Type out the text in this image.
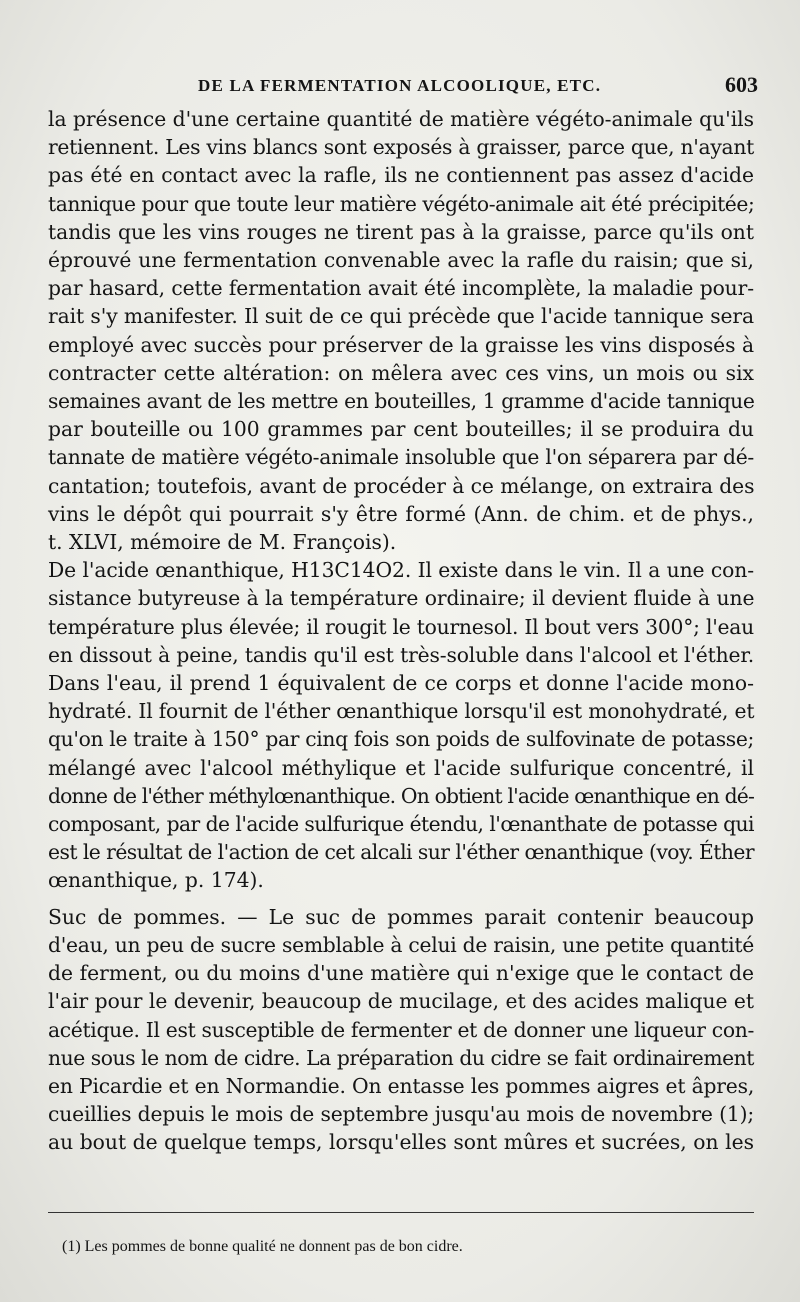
DE LA FERMENTATION ALCOOLIQUE, ETC.	603
la présence d'une certaine quantité de matière végéto-animale qu'ils
retiennent. Les vins blancs sont exposés à graisser, parce que, n'ayant
pas été en contact avec la rafle, ils ne contiennent pas assez d'acide
tannique pour que toute leur matière végéto-animale ait été précipitée;
tandis que les vins rouges ne tirent pas à la graisse, parce qu'ils ont
éprouvé une fermentation convenable avec la rafle du raisin; que si,
par hasard, cette fermentation avait été incomplète, la maladie pour-
rait s'y manifester. Il suit de ce qui précède que l'acide tannique sera
employé avec succès pour préserver de la graisse les vins disposés à
contracter cette altération: on mêlera avec ces vins, un mois ou six
semaines avant de les mettre en bouteilles, 1 gramme d'acide tannique
par bouteille ou 100 grammes par cent bouteilles; il se produira du
tannate de matière végéto-animale insoluble que l'on séparera par dé-
cantation; toutefois, avant de procéder à ce mélange, on extraira des
vins le dépôt qui pourrait s'y être formé (Ann. de chim. et de phys.,
t. XLVI, mémoire de M. François).
De l'acide œnanthique, H13C14O2. Il existe dans le vin. Il a une con-
sistance butyreuse à la température ordinaire; il devient fluide à une
température plus élevée; il rougit le tournesol. Il bout vers 300°; l'eau
en dissout à peine, tandis qu'il est très-soluble dans l'alcool et l'éther.
Dans l'eau, il prend 1 équivalent de ce corps et donne l'acide mono-
hydraté. Il fournit de l'éther œnanthique lorsqu'il est monohydraté, et
qu'on le traite à 150° par cinq fois son poids de sulfovinate de potasse;
mélangé avec l'alcool méthylique et l'acide sulfurique concentré, il
donne de l'éther méthylœnanthique. On obtient l'acide œnanthique en dé-
composant, par de l'acide sulfurique étendu, l'œnanthate de potasse qui
est le résultat de l'action de cet alcali sur l'éther œnanthique (voy. Éther
œnanthique, p. 174).
Suc de pommes. — Le suc de pommes parait contenir beaucoup
d'eau, un peu de sucre semblable à celui de raisin, une petite quantité
de ferment, ou du moins d'une matière qui n'exige que le contact de
l'air pour le devenir, beaucoup de mucilage, et des acides malique et
acétique. Il est susceptible de fermenter et de donner une liqueur con-
nue sous le nom de cidre. La préparation du cidre se fait ordinairement
en Picardie et en Normandie. On entasse les pommes aigres et âpres,
cueillies depuis le mois de septembre jusqu'au mois de novembre (1);
au bout de quelque temps, lorsqu'elles sont mûres et sucrées, on les
(1) Les pommes de bonne qualité ne donnent pas de bon cidre.
